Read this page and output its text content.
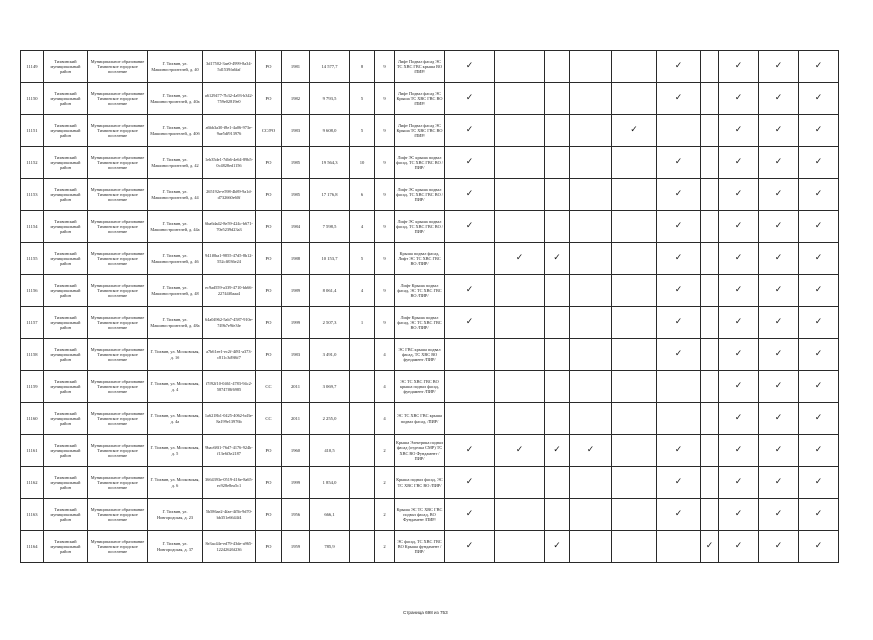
11149	Тихвинский муниципальный район	Муниципальное образование Тихвинское городское поселение	Г. Тихвин, ул. Машиностроителей, д. 40	3d17502-3ae0-4999-8a34-5d1539fa6faf	РО	1981	14 577,7	8	9	Лифт Подвал фасад ЭС ТС ХВС ГВС крыша ВО /ПИР/	✓					✓		✓	✓	✓
11150	Тихвинский муниципальный район	Муниципальное образование Тихвинское городское поселение	Г. Тихвин, ул. Машиностроителей, д. 40а	a6129477-7b32-4a93-b342-759e02819e0	РО	1982	9 793,5	5	9	Лифт Подвал фасад ЭС Крыша ТС ХВС ГВС ВО /ПИР/	✓					✓		✓	✓	✓
11151	Тихвинский муниципальный район	Муниципальное образование Тихвинское городское поселение	Г. Тихвин, ул. Машиностроителей, д. 40б	a6bb3a30-f8e1-4a06-973e-9ae5df913976	СС/РО	1983	9 608,0	5	9	Лифт Подвал фасад ЭС Крыша ТС ХВС ГВС ВО /ПИР/	✓				✓			✓	✓	✓
11152	Тихвинский муниципальный район	Муниципальное образование Тихвинское городское поселение	Г. Тихвин, ул. Машиностроителей, д. 42	1eb35de1-7db6-4e64-89b5-0c4828ed1156	РО	1985	19 564,3	10	9	Лифт ЭС крыша подвал фасад, ТС ХВС ГВС ВО /ПИР/	✓					✓		✓	✓	✓
11153	Тихвинский муниципальный район	Муниципальное образование Тихвинское городское поселение	Г. Тихвин, ул. Машиностроителей, д. 44	265192e-e598-4b89-9a1d-d732660e60f	РО	1985	17 176,8	6	9	Лифт ЭС крыша подвал фасад, ТС ХВС ГВС ВО /ПИР/	✓					✓		✓	✓	✓
11154	Тихвинский муниципальный район	Муниципальное образование Тихвинское городское поселение	Г. Тихвин, ул. Машиностроителей, д. 44а	6ba6da42-8e59-424c-b671-70e5239d23a3	РО	1984	7 598,5	4	9	Лифт ЭС крыша подвал фасад, ТС ХВС ГВС ВО /ПИР/	✓					✓		✓	✓	✓
11155	Тихвинский муниципальный район	Муниципальное образование Тихвинское городское поселение	Г. Тихвин, ул. Машиностроителей, д. 46	941f0ba1-9855-47d5-8b12-552cff036e24	РО	1988	10 153,7	5	9	Крыша подвал фасад, Лифт ЭС ТС ХВС ГВС ВО /ПИР/		✓	✓			✓		✓	✓	✓
11156	Тихвинский муниципальный район	Муниципальное образование Тихвинское городское поселение	Г. Тихвин, ул. Машиностроителей, д. 48	ec9ad559-a339-4710-bb66-22744f0aaa4	РО	1989	8 061,4	4	9	Лифт Крыша подвал фасад, ЭС ТС ХВС ГВС ВО /ПИР/	✓					✓		✓	✓	✓
11157	Тихвинский муниципальный район	Муниципальное образование Тихвинское городское поселение	Г. Тихвин, ул. Машиностроителей, д. 48а	64a04962-5ab7-4587-910e-749b7e9fe3fe	РО	1999	2 507,3	1	9	Лифт Крыша подвал фасад, ЭС ТС ХВС ГВС ВО /ПИР/	✓					✓		✓	✓	✓
11158	Тихвинский муниципальный район	Муниципальное образование Тихвинское городское поселение	Г. Тихвин, ул. Московская, д. 1б	a7b61ee1-ec2f-4f81-a373-c811c3d9f6f7	РО	1983	3 491,0		4	ЭС ГВС крыша подвал фасад, ТС ХВС ВО фундамент /ПИР/						✓		✓	✓	✓
11159	Тихвинский муниципальный район	Муниципальное образование Тихвинское городское поселение	Г. Тихвин, ул. Московская, д. 4	f7f92f10-0461-4783-94c2-58747f8f6985	СС	2011	3 069,7		4	ЭС ТС ХВС ГВС ВО крыша подвал фасад, фундамент /ПИР/								✓	✓	✓
11160	Тихвинский муниципальный район	Муниципальное образование Тихвинское городское поселение	Г. Тихвин, ул. Московская, д. 4а	1a6218b1-0425-4062-bd3e-8a199e13976b	СС	2011	2 255,0		4	ЭС ТС ХВС ГВС крыша подвал фасад, /ПИР/								✓	✓	✓
11161	Тихвинский муниципальный район	Муниципальное образование Тихвинское городское поселение	Г. Тихвин, ул. Московская, д. 5	9bac68f1-76d7-4176-924b-f13e6f3e2187	РО	1960	410,5		2	Крыша Электрика подвал фасад (отделка СМР) ТС ХВС ВО Фундамент /ПИР/	✓	✓	✓	✓		✓		✓	✓	✓
11162	Тихвинский муниципальный район	Муниципальное образование Тихвинское городское поселение	Г. Тихвин, ул. Московская, д. 6	3664393e-0519-416e-8a65-ec928e8ea5c1	РО	1999	1 854,0		2	Крыша подвал фасад, ЭС ТС ХВС ГВС ВО /ПИР/	✓					✓		✓	✓	✓
11163	Тихвинский муниципальный район	Муниципальное образование Тихвинское городское поселение	Г. Тихвин, ул. Новгородская, д. 23	5b586ae2-4fae-4f5b-9d70-bb351e6644f4	РО	1956	666,1		2	Крыша ЭС ТС ХВС ГВС подвал фасад, ВО Фундамент /ПИР/	✓					✓		✓	✓	✓
11164	Тихвинский муниципальный район	Муниципальное образование Тихвинское городское поселение	Г. Тихвин, ул. Новгородская, д. 37	8e3ac44e-ed79-43de-a965-12242626f236	РО	1959	785,9		2	ЭС фасад, ТС ХВС ГВС ВО Крыша фундамент /ПИР/	✓		✓				✓	✓	✓	✓
Страница 698 из 753
